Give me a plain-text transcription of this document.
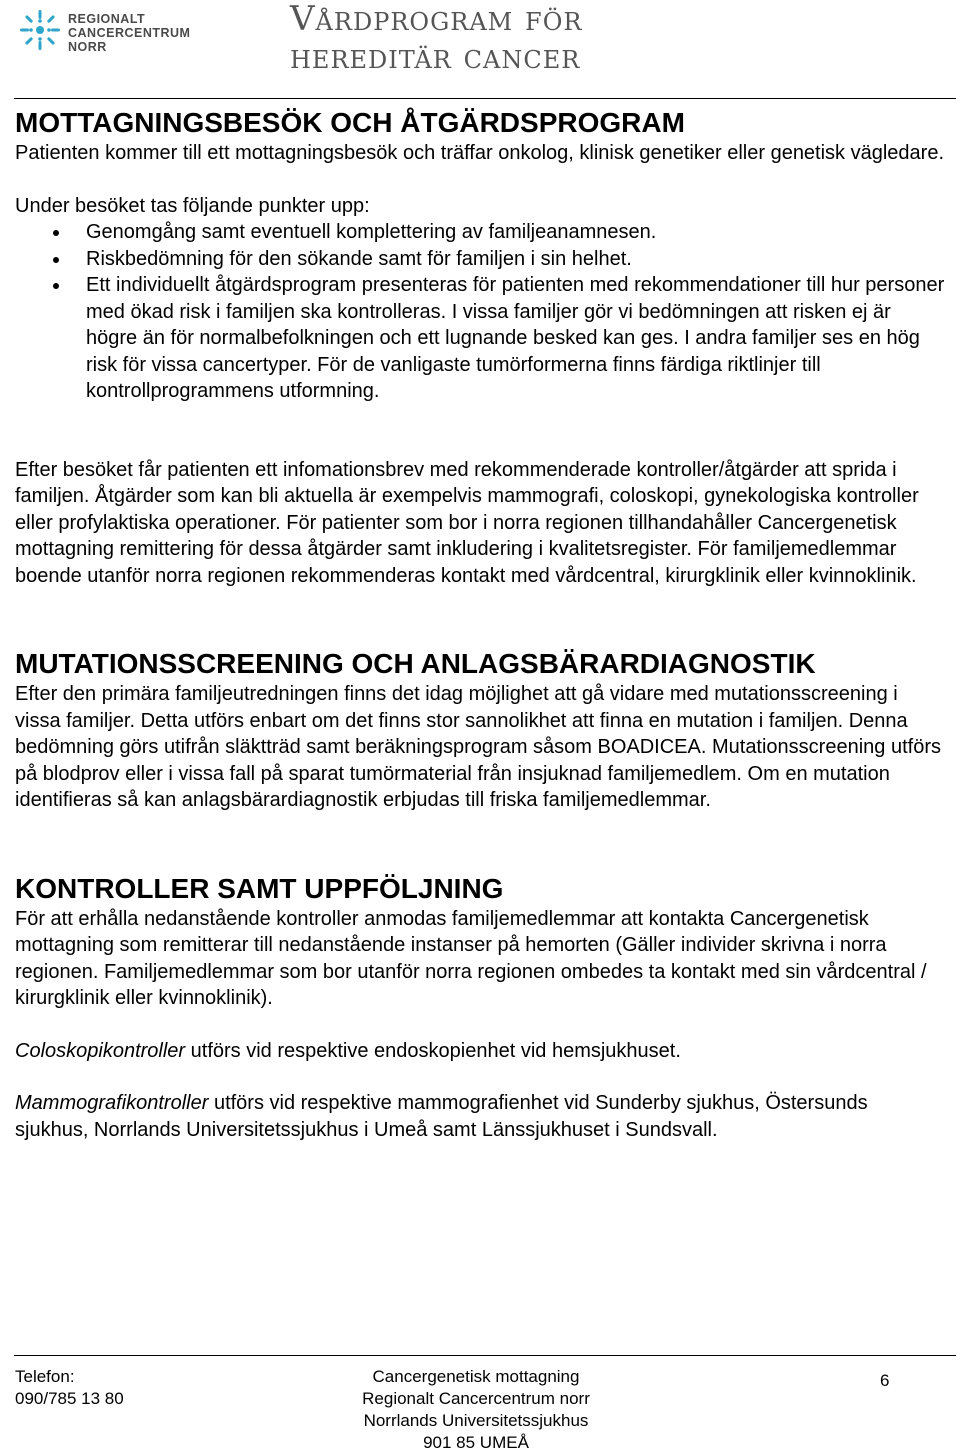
REGIONALT
CANCERCENTRUM
NORR
Vårdprogram för
hereditär cancer
MOTTAGNINGSBESÖK OCH ÅTGÄRDSPROGRAM

Patienten kommer till ett mottagningsbesök och träffar onkolog, klinisk genetiker eller genetisk vägledare.

Under besöket tas följande punkter upp:

Genomgång samt eventuell komplettering av familjeanamnesen.
Riskbedömning för den sökande samt för familjen i sin helhet.
Ett individuellt åtgärdsprogram presenteras för patienten med rekommendationer till hur personer med ökad risk i familjen ska kontrolleras. I vissa familjer gör vi bedömningen att risken ej är högre än för normalbefolkningen och ett lugnande besked kan ges. I andra familjer ses en hög risk för vissa cancertyper. För de vanligaste tumörformerna finns färdiga riktlinjer till kontrollprogrammens utformning.

Efter besöket får patienten ett infomationsbrev med rekommenderade kontroller/åtgärder att sprida i familjen. Åtgärder som kan bli aktuella är exempelvis mammografi, coloskopi, gynekologiska kontroller eller profylaktiska operationer. För patienter som bor i norra regionen tillhandahåller Cancergenetisk mottagning remittering för dessa åtgärder samt inkludering i kvalitetsregister. För familjemedlemmar boende utanför norra regionen rekommenderas kontakt med vårdcentral, kirurgklinik eller kvinnoklinik.

MUTATIONSSCREENING OCH ANLAGSBÄRARDIAGNOSTIK

Efter den primära familjeutredningen finns det idag möjlighet att gå vidare med mutationsscreening i vissa familjer. Detta utförs enbart om det finns stor sannolikhet att finna en mutation i familjen. Denna bedömning görs utifrån släktträd samt beräkningsprogram såsom BOADICEA. Mutationsscreening utförs på blodprov eller i vissa fall på sparat tumörmaterial från insjuknad familjemedlem. Om en mutation identifieras så kan anlagsbärardiagnostik erbjudas till friska familjemedlemmar.

KONTROLLER SAMT UPPFÖLJNING

För att erhålla nedanstående kontroller anmodas familjemedlemmar att kontakta Cancergenetisk mottagning som remitterar till nedanstående instanser på hemorten (Gäller individer skrivna i norra regionen. Familjemedlemmar som bor utanför norra regionen ombedes ta kontakt med sin vårdcentral / kirurgklinik eller kvinnoklinik).

Coloskopikontroller utförs vid respektive endoskopienhet vid hemsjukhuset.

Mammografikontroller utförs vid respektive mammografienhet vid Sunderby sjukhus, Östersunds sjukhus, Norrlands Universitetssjukhus i Umeå samt Länssjukhuset i Sundsvall.

Telefon:
090/785 13 80
Cancergenetisk mottagning
Regionalt Cancercentrum norr
Norrlands Universitetssjukhus
901 85 UMEÅ
6
